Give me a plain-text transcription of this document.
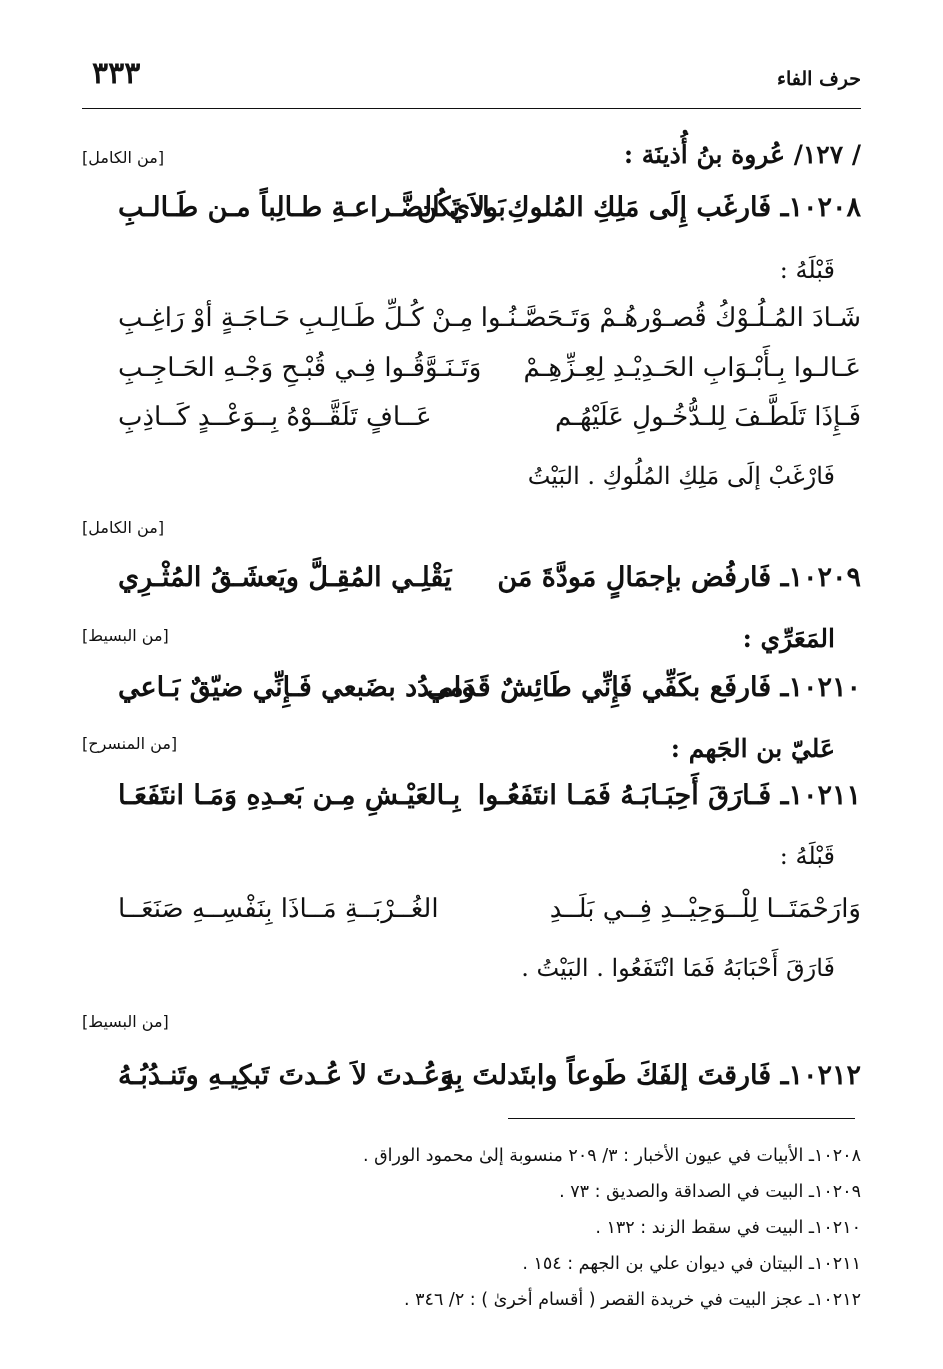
٣٣٣	حرف الفاء
/ ١٢٧/ عُروة بنُ أُذينَة :
[من الكامل]
١٠٢٠٨ـ فَارغَب إِلَى مَلِكِ المُلوكِ ولاَ تَكُن
بَـادي الضَّـراعـةِ طـالِباً مـن طَـالـبِ
قَبْلَهُ :
شَـادَ المُـلُـوْكُ قُصـوْرهُـمْ وَتَـحَصَّـنُـوا
مِـنْ كُـلِّ طَـالِـبِ حَـاجَـةٍ أوْ رَاغِـبِ
عَـالـوا بِـأَبْـوَابِ الحَـدِيْـدِ لِعِـزِّهِـمْ
وَتَـنَـوَّقُـوا فِـي قُبْـحِ وَجْـهِ الحَـاجِـبِ
فَـإِذَا تَلَطَّـفَ لِلـدُّخُـولِ عَلَيْهُـم
عَــافٍ تَلَقَّــوْهُ بِــوَعْــدٍ كَــاذِبِ
فَارْغَبْ إلَى مَلِكِ المُلُوكِ . البَيْتُ
[من الكامل]
١٠٢٠٩ـ فَارفُض بإجمَالٍ مَودَّةَ مَن
يَقْلِـي المُقِـلَّ ويَعشَـقُ المُثْـرِي
المَعَرِّي :
[من البسيط]
١٠٢١٠ـ فَارفَع بكَفِّي فَإِنِّي طَائِشٌ قَدَمي
وامـدُد بضَبعي فَـإِنِّي ضيّقٌ بَـاعي
عَليّ بن الجَهم :
[من المنسرح]
١٠٢١١ـ فَـارَقَ أَحِبَـابَـهُ فَمَـا انتَفَعُـوا
بِـالعَيْـشِ مِـن بَعـدِهِ وَمَـا انتَفَعَـا
قَبْلَهُ :
وَارَحْمَتَــا لِلْــوَحِيْــدِ فِــي بَلَــدِ
الغُــرْبَــةِ مَــاذَا بِنَفْسِــهِ صَنَعَــا
فَارَقَ أَحْبَابَهُ فَمَا انْتَفَعُوا . البَيْتُ .
[من البسيط]
١٠٢١٢ـ فَارقتَ إلفَكَ طَوعاً وابتَدلتَ بِهِ
وَعُـدتَ لاَ عُـدتَ تَبكِيـهِ وتَنـدُبُـهُ
١٠٢٠٨ـ الأبيات في عيون الأخبار : ٣/ ٢٠٩ منسوبة إلىٰ محمود الوراق .
١٠٢٠٩ـ البيت في الصداقة والصديق : ٧٣ .
١٠٢١٠ـ البيت في سقط الزند : ١٣٢ .
١٠٢١١ـ البيتان في ديوان علي بن الجهم : ١٥٤ .
١٠٢١٢ـ عجز البيت في خريدة القصر ( أقسام أخرىٰ ) : ٢/ ٣٤٦ .
